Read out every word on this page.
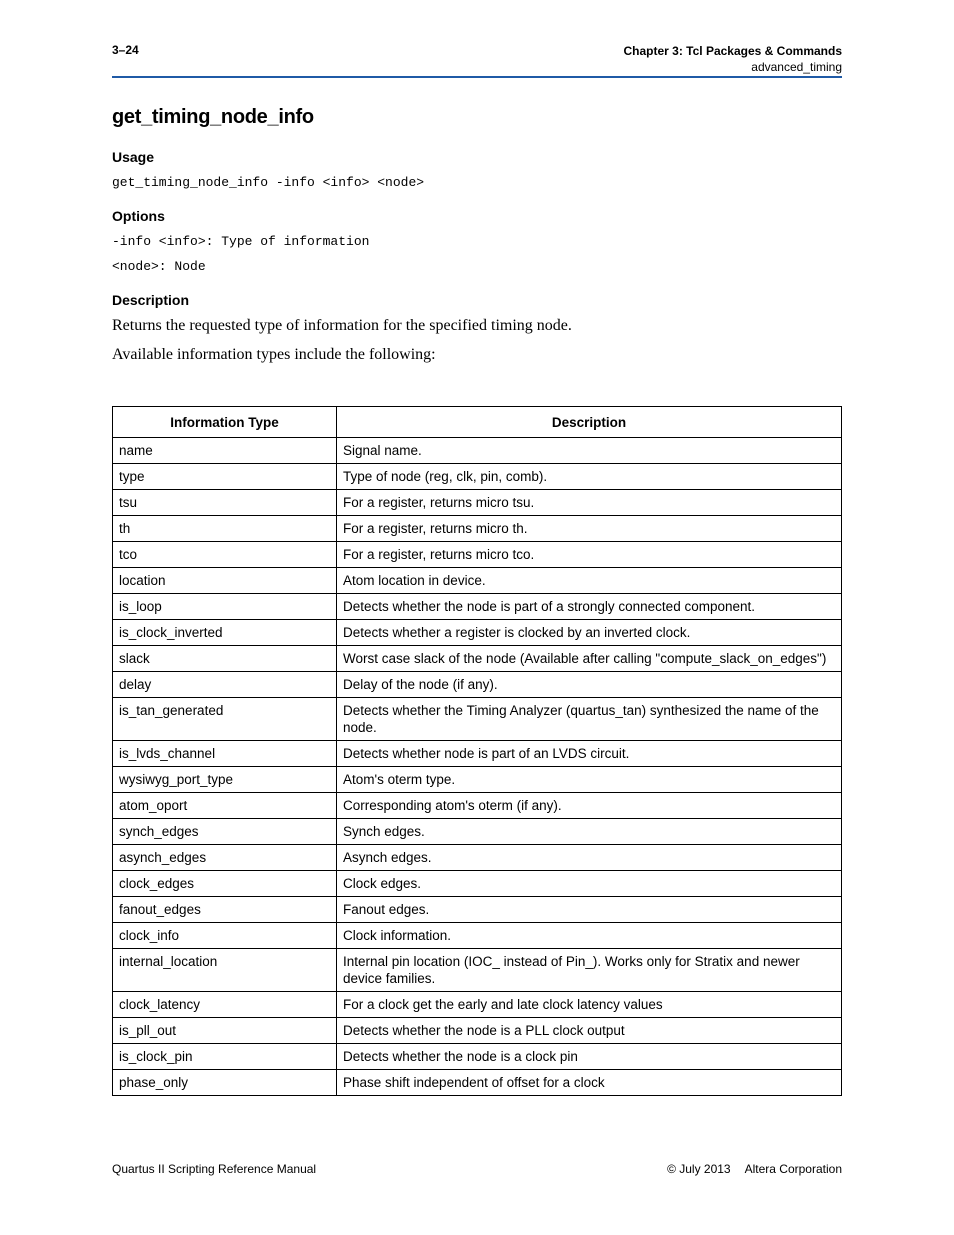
3–24	Chapter 3: Tcl Packages & Commands
advanced_timing
get_timing_node_info
Usage
get_timing_node_info -info <info> <node>
Options
-info <info>: Type of information
<node>: Node
Description
Returns the requested type of information for the specified timing node.
Available information types include the following:
Information Type	Description
name	Signal name.
type	Type of node (reg, clk, pin, comb).
tsu	For a register, returns micro tsu.
th	For a register, returns micro th.
tco	For a register, returns micro tco.
location	Atom location in device.
is_loop	Detects whether the node is part of a strongly connected component.
is_clock_inverted	Detects whether a register is clocked by an inverted clock.
slack	Worst case slack of the node (Available after calling "compute_slack_on_edges")
delay	Delay of the node (if any).
is_tan_generated	Detects whether the Timing Analyzer (quartus_tan) synthesized the name of the node.
is_lvds_channel	Detects whether node is part of an LVDS circuit.
wysiwyg_port_type	Atom's oterm type.
atom_oport	Corresponding atom's oterm (if any).
synch_edges	Synch edges.
asynch_edges	Asynch edges.
clock_edges	Clock edges.
fanout_edges	Fanout edges.
clock_info	Clock information.
internal_location	Internal pin location (IOC_ instead of Pin_). Works only for Stratix and newer device families.
clock_latency	For a clock get the early and late clock latency values
is_pll_out	Detects whether the node is a PLL clock output
is_clock_pin	Detects whether the node is a clock pin
phase_only	Phase shift independent of offset for a clock
Quartus II Scripting Reference Manual	© July 2013 Altera Corporation
